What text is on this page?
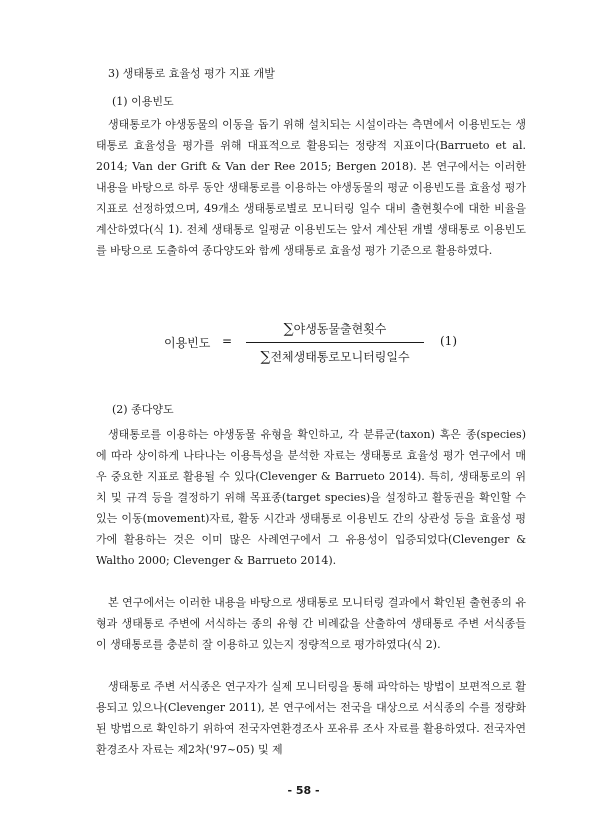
3) 생태통로 효율성 평가 지표 개발
(1) 이용빈도

생태통로가 야생동물의 이동을 돕기 위해 설치되는 시설이라는 측면에서 이용빈도는 생태통로 효율성을 평가를 위해 대표적으로 활용되는 정량적 지표이다(Barrueto et al. 2014; Van der Grift & Van der Ree 2015; Bergen 2018). 본 연구에서는 이러한 내용을 바탕으로 하루 동안 생태통로를 이용하는 야생동물의 평균 이용빈도를 효율성 평가 지표로 선정하였으며, 49개소 생태통로별로 모니터링 일수 대비 출현횟수에 대한 비율을 계산하였다(식 1). 전체 생태통로 일평균 이용빈도는 앞서 계산된 개별 생태통로 이용빈도를 바탕으로 도출하여 종다양도와 함께 생태통로 효율성 평가 기준으로 활용하였다.

이용빈도 =
∑야생동물출현횟수
∑전체생태통로모니터링일수
(1)
(2) 종다양도

생태통로를 이용하는 야생동물 유형을 확인하고, 각 분류군(taxon) 혹은 종(species)에 따라 상이하게 나타나는 이용특성을 분석한 자료는 생태통로 효율성 평가 연구에서 매우 중요한 지표로 활용될 수 있다(Clevenger & Barrueto 2014). 특히, 생태통로의 위치 및 규격 등을 결정하기 위해 목표종(target species)을 설정하고 활동권을 확인할 수 있는 이동(movement)자료, 활동 시간과 생태통로 이용빈도 간의 상관성 등을 효율성 평가에 활용하는 것은 이미 많은 사례연구에서 그 유용성이 입증되었다(Clevenger & Waltho 2000; Clevenger & Barrueto 2014).

본 연구에서는 이러한 내용을 바탕으로 생태통로 모니터링 결과에서 확인된 출현종의 유형과 생태통로 주변에 서식하는 종의 유형 간 비례값을 산출하여 생태통로 주변 서식종들이 생태통로를 충분히 잘 이용하고 있는지 정량적으로 평가하였다(식 2).

생태통로 주변 서식종은 연구자가 실제 모니터링을 통해 파악하는 방법이 보편적으로 활용되고 있으나(Clevenger 2011), 본 연구에서는 전국을 대상으로 서식종의 수를 정량화된 방법으로 확인하기 위하여 전국자연환경조사 포유류 조사 자료를 활용하였다. 전국자연환경조사 자료는 제2차('97~05) 및 제

- 58 -
